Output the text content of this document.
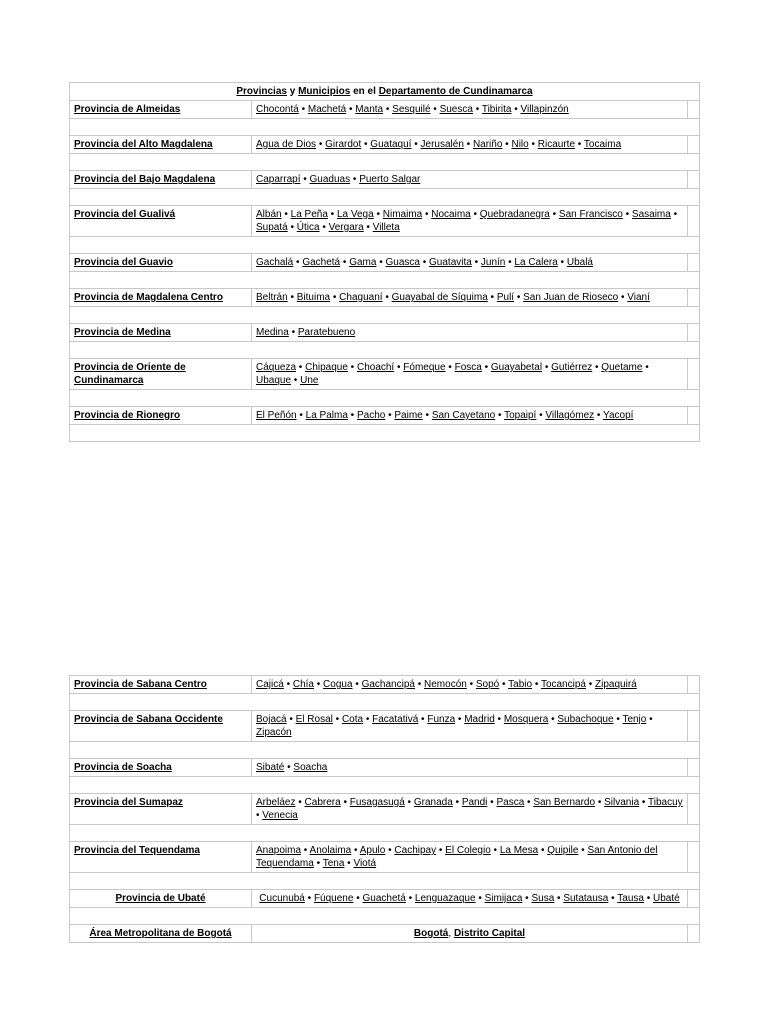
Provincias y Municipios en el Departamento de Cundinamarca		
Provincia de Almeidas	Chocontá • Machetá • Manta • Sesquilé • Suesca • Tibirita • Villapinzón	

Provincia del Alto Magdalena	Agua de Dios • Girardot • Guataquí • Jerusalén • Nariño • Nilo • Ricaurte • Tocaima	

Provincia del Bajo Magdalena	Caparrapí • Guaduas • Puerto Salgar	

Provincia del Gualivá	Albán • La Peña • La Vega • Nimaima • Nocaima • Quebradanegra • San Francisco • Sasaima • Supatá • Útica • Vergara • Villeta	

Provincia del Guavio	Gachalá • Gachetá • Gama • Guasca • Guatavita • Junín • La Calera • Ubalá	

Provincia de Magdalena Centro	Beltrán • Bituima • Chaguaní • Guayabal de Síquima • Pulí • San Juan de Rioseco • Vianí	

Provincia de Medina	Medina • Paratebueno	

Provincia de Oriente de Cundinamarca	Cáqueza • Chipaque • Choachí • Fómeque • Fosca • Guayabetal • Gutiérrez • Quetame • Ubaque • Une	

Provincia de Rionegro	El Peñón • La Palma • Pacho • Paime • San Cayetano • Topaipí • Villagómez • Yacopí	

Provincia de Sabana Centro	Cajicá • Chía • Cogua • Gachancipá • Nemocón • Sopó • Tabio • Tocancipá • Zipaquirá	

Provincia de Sabana Occidente	Bojacá • El Rosal • Cota • Facatativá • Funza • Madrid • Mosquera • Subachoque • Tenjo • Zipacón	

Provincia de Soacha	Sibaté • Soacha	

Provincia del Sumapaz	Arbeláez • Cabrera • Fusagasugá • Granada • Pandi • Pasca • San Bernardo • Silvania • Tibacuy • Venecia	

Provincia del Tequendama	Anapoima • Anolaima • Apulo • Cachipay • El Colegio • La Mesa • Quipile • San Antonio del Tequendama • Tena • Viotá	

Provincia de Ubaté	Cucunubá • Fúquene • Guachetá • Lenguazaque • Simijaca • Susa • Sutatausa • Tausa • Ubaté	

Área Metropolitana de Bogotá	Bogotá, Distrito Capital	
